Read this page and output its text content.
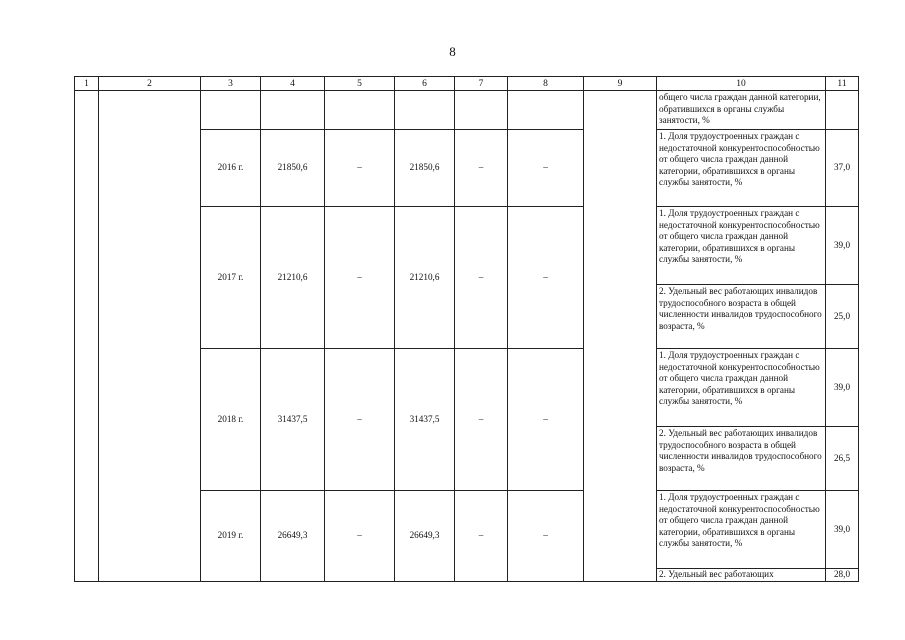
8
1	2	3	4	5	6	7	8	9	10	11
									общего числа граждан данной категории, обратившихся в органы службы занятости, %	
		2016 г.	21850,6	–	21850,6	–	–		1. Доля трудоустроенных граждан с недостаточной конкурентоспособностью от общего числа граждан данной категории, обратившихся в органы службы занятости, %	37,0
		2017 г.	21210,6	–	21210,6	–	–		1. Доля трудоустроенных граждан с недостаточной конкурентоспособностью от общего числа граждан данной категории, обратившихся в органы службы занятости, %	39,0
									2. Удельный вес работающих инвалидов трудоспособного возраста в общей численности инвалидов трудоспособного возраста, %	25,0
		2018 г.	31437,5	–	31437,5	–	–		1. Доля трудоустроенных граждан с недостаточной конкурентоспособностью от общего числа граждан данной категории, обратившихся в органы службы занятости, %	39,0
									2. Удельный вес работающих инвалидов трудоспособного возраста в общей численности инвалидов трудоспособного возраста, %	26,5
		2019 г.	26649,3	–	26649,3	–	–		1. Доля трудоустроенных граждан с недостаточной конкурентоспособностью от общего числа граждан данной категории, обратившихся в органы службы занятости, %	39,0
									2. Удельный вес работающих	28,0
